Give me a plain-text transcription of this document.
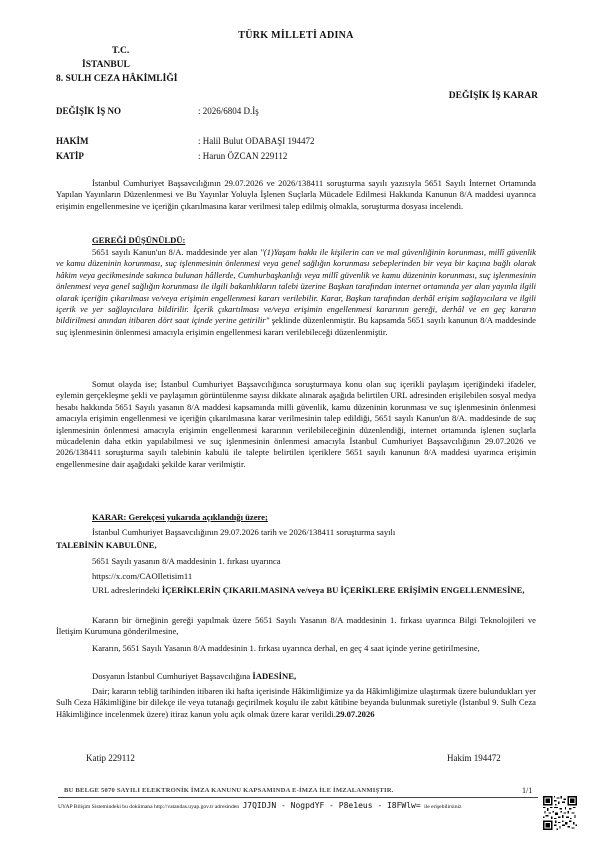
TÜRK MİLLETİ ADINA
T.C.
İSTANBUL
8. SULH CEZA HÂKİMLİĞİ
DEĞİŞİK İŞ KARAR
DEĞİŞİK İŞ NO	: 2026/6804 D.İş
HAKİM	: Halil Bulut ODABAŞI 194472
KATİP	: Harun ÖZCAN 229112
İstanbul Cumhuriyet Başsavcılığının 29.07.2026 ve 2026/138411 soruşturma sayılı yazısıyla 5651 Sayılı İnternet Ortamında Yapılan Yayınların Düzenlenmesi ve Bu Yayınlar Yoluyla İşlenen Suçlarla Mücadele Edilmesi Hakkında Kanunun 8/A maddesi uyarınca erişimin engellenmesine ve içeriğin çıkarılmasına karar verilmesi talep edilmiş olmakla, soruşturma dosyası incelendi.
GEREĞİ DÜŞÜNÜLDÜ:
5651 sayılı Kanun'un 8/A. maddesinde yer alan "(1)Yaşam hakkı ile kişilerin can ve mal güvenliğinin korunması, millî güvenlik ve kamu düzeninin korunması, suç işlenmesinin önlenmesi veya genel sağlığın korunması sebeplerinden bir veya bir kaçına bağlı olarak hâkim veya gecikmesinde sakınca bulunan hâllerde, Cumhurbaşkanlığı veya millî güvenlik ve kamu düzeninin korunması, suç işlenmesinin önlenmesi veya genel sağlığın korunması ile ilgili bakanlıkların talebi üzerine Başkan tarafından internet ortamında yer alan yayınla ilgili olarak içeriğin çıkarılması ve/veya erişimin engellenmesi kararı verilebilir. Karar, Başkan tarafından derhâl erişim sağlayıcılara ve ilgili içerik ve yer sağlayıcılara bildirilir. İçerik çıkartılması ve/veya erişimin engellenmesi kararının gereği, derhâl ve en geç kararın bildirilmesi anından itibaren dört saat içinde yerine getirilir" şeklinde düzenlenmiştir. Bu kapsamda 5651 sayılı kanunun 8/A maddesinde suç işlenmesinin önlenmesi amacıyla erişimin engellenmesi kararı verilebileceği düzenlenmiştir.
Somut olayda ise; İstanbul Cumhuriyet Başsavcılığınca soruşturmaya konu olan suç içerikli paylaşım içeriğindeki ifadeler, eylemin gerçekleşme şekli ve paylaşımın görüntülenme sayısı dikkate alınarak aşağıda belirtilen URL adresinden erişilebilen sosyal medya hesabı hakkında 5651 Sayılı yasanın 8/A maddesi kapsamında milli güvenlik, kamu düzeninin korunması ve suç işlenmesinin önlenmesi amacıyla erişimin engellenmesi ve içeriğin çıkarılmasına karar verilmesinin talep edildiği, 5651 sayılı Kanun'un 8/A. maddesinde de suç işlenmesinin önlenmesi amacıyla erişimin engellenmesi kararının verilebileceğinin düzenlendiği, internet ortamında işlenen suçlarla mücadelenin daha etkin yapılabilmesi ve suç işlenmesinin önlenmesi amacıyla İstanbul Cumhuriyet Başsavcılığının 29.07.2026 ve 2026/138411 soruşturma sayılı talebinin kabulü ile talepte belirtilen içeriklere 5651 sayılı kanunun 8/A maddesi uyarınca erişimin engellenmesine dair aşağıdaki şekilde karar verilmiştir.
KARAR: Gerekçesi yukarıda açıklandığı üzere;
İstanbul Cumhuriyet Başsavcılığının 29.07.2026 tarih ve 2026/138411 soruşturma sayılı
TALEBİNİN KABULÜNE,
5651 Sayılı yasanın 8/A maddesinin 1. fırkası uyarınca
https://x.com/CAOIletisim11
URL adreslerindeki İÇERİKLERİN ÇIKARILMASINA ve/veya BU İÇERİKLERE ERİŞİMİN ENGELLENMESİNE,
Kararın bir örneğinin gereği yapılmak üzere 5651 Sayılı Yasanın 8/A maddesinin 1. fırkası uyarınca Bilgi Teknolojileri ve İletişim Kurumuna gönderilmesine,
Kararın, 5651 Sayılı Yasanın 8/A maddesinin 1. fırkası uyarınca derhal, en geç 4 saat içinde yerine getirilmesine,
Dosyanın İstanbul Cumhuriyet Başsavcılığına İADESİNE,
Dair; kararın tebliğ tarihinden itibaren iki hafta içerisinde Hâkimliğimize ya da Hâkimliğimize ulaştırmak üzere bulundukları yer Sulh Ceza Hâkimliğine bir dilekçe ile veya tutanağı geçirilmek koşulu ile zabıt kâtibine beyanda bulunmak suretiyle (İstanbul 9. Sulh Ceza Hâkimliğince incelenmek üzere) itiraz kanun yolu açık olmak üzere karar verildi.29.07.2026
Katip 229112	Hakim 194472
BU BELGE 5070 SAYILI ELEKTRONİK İMZA KANUNU KAPSAMINDA E-İMZA İLE İMZALANMIŞTIR.	1/1
UYAP Bilişim Sistemindeki bu dokümana http://vatandas.uyap.gov.tr adresinden J7QIDJN - NogpdYF - P8e1eus - I8FWlw= ile erişebilirsiniz
